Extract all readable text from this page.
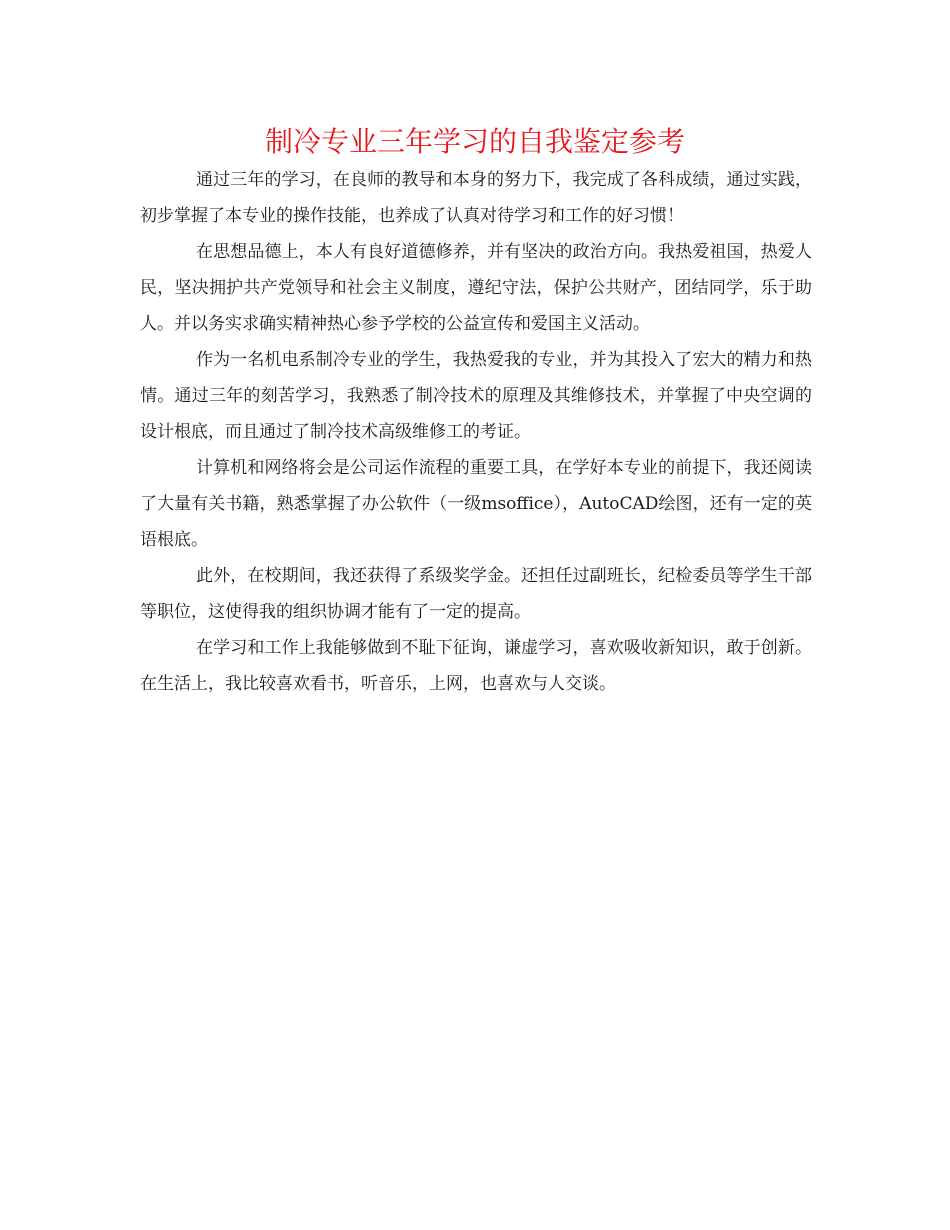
制冷专业三年学习的自我鉴定参考

通过三年的学习，在良师的教导和本身的努力下，我完成了各科成绩，通过实践，初步掌握了本专业的操作技能，也养成了认真对待学习和工作的好习惯！

在思想品德上，本人有良好道德修养，并有坚决的政治方向。我热爱祖国，热爱人民，坚决拥护共产党领导和社会主义制度，遵纪守法，保护公共财产，团结同学，乐于助人。并以务实求确实精神热心参予学校的公益宣传和爱国主义活动。

作为一名机电系制冷专业的学生，我热爱我的专业，并为其投入了宏大的精力和热情。通过三年的刻苦学习，我熟悉了制冷技术的原理及其维修技术，并掌握了中央空调的设计根底，而且通过了制冷技术高级维修工的考证。

计算机和网络将会是公司运作流程的重要工具，在学好本专业的前提下，我还阅读了大量有关书籍，熟悉掌握了办公软件（一级msoffice），AutoCAD绘图，还有一定的英语根底。

此外，在校期间，我还获得了系级奖学金。还担任过副班长，纪检委员等学生干部等职位，这使得我的组织协调才能有了一定的提高。

在学习和工作上我能够做到不耻下征询，谦虚学习，喜欢吸收新知识，敢于创新。在生活上，我比较喜欢看书，听音乐，上网，也喜欢与人交谈。
